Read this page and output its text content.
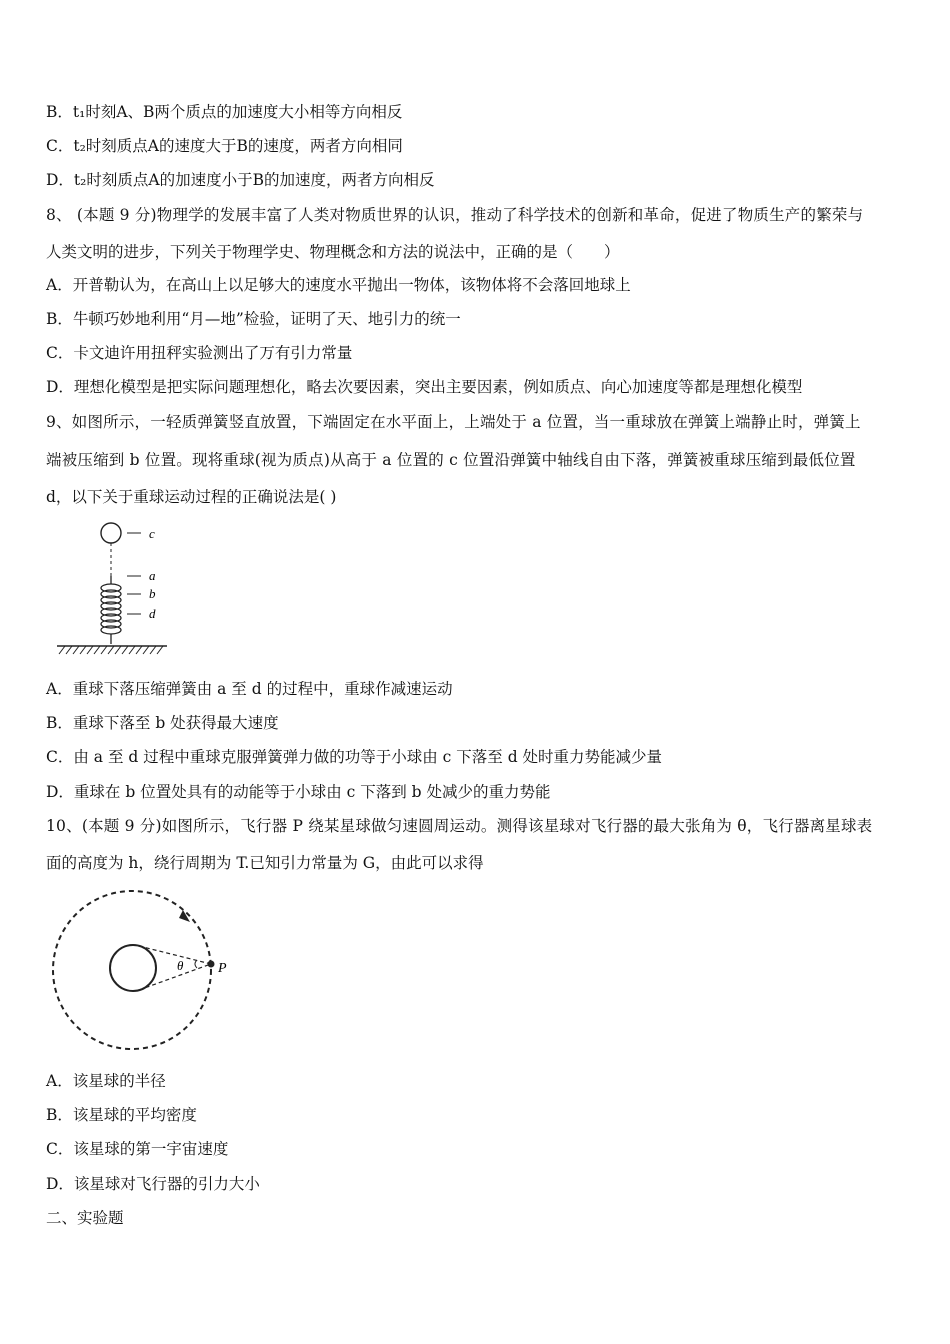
B．t₁时刻A、B两个质点的加速度大小相等方向相反
C．t₂时刻质点A的速度大于B的速度，两者方向相同
D．t₂时刻质点A的加速度小于B的加速度，两者方向相反
8、 (本题 9 分)物理学的发展丰富了人类对物质世界的认识，推动了科学技术的创新和革命，促进了物质生产的繁荣与
人类文明的进步，下列关于物理学史、物理概念和方法的说法中，正确的是（　　）
A．开普勒认为，在高山上以足够大的速度水平抛出一物体，该物体将不会落回地球上
B．牛顿巧妙地利用“月—地”检验，证明了天、地引力的统一
C．卡文迪许用扭秤实验测出了万有引力常量
D．理想化模型是把实际问题理想化，略去次要因素，突出主要因素，例如质点、向心加速度等都是理想化模型
9、如图所示，一轻质弹簧竖直放置，下端固定在水平面上，上端处于 a 位置，当一重球放在弹簧上端静止时，弹簧上
端被压缩到 b 位置。现将重球(视为质点)从高于 a 位置的 c 位置沿弹簧中轴线自由下落，弹簧被重球压缩到最低位置
d，以下关于重球运动过程的正确说法是( )
c
a
b
d
A．重球下落压缩弹簧由 a 至 d 的过程中，重球作减速运动
B．重球下落至 b 处获得最大速度
C．由 a 至 d 过程中重球克服弹簧弹力做的功等于小球由 c 下落至 d 处时重力势能减少量
D．重球在 b 位置处具有的动能等于小球由 c 下落到 b 处减少的重力势能
10、(本题 9 分)如图所示，飞行器 P 绕某星球做匀速圆周运动。测得该星球对飞行器的最大张角为 θ，飞行器离星球表
面的高度为 h，绕行周期为 T.已知引力常量为 G，由此可以求得
θ P
A．该星球的半径
B．该星球的平均密度
C．该星球的第一宇宙速度
D．该星球对飞行器的引力大小
二、实验题
